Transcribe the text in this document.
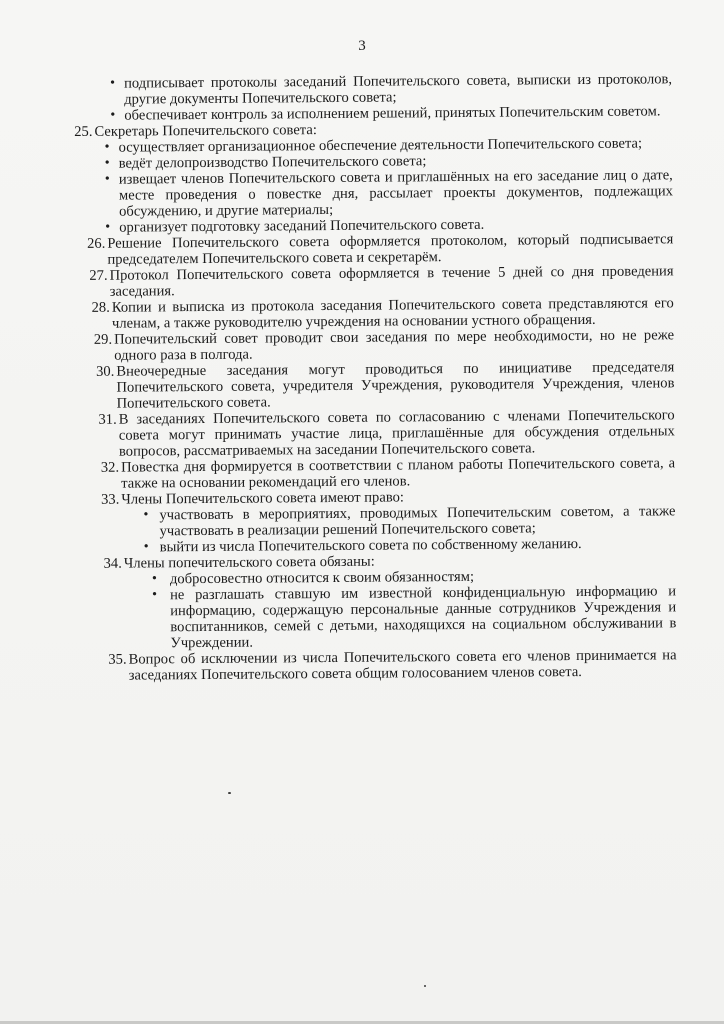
3
• подписывает протоколы заседаний Попечительского совета, выписки из протоколов, другие документы Попечительского совета;
• обеспечивает контроль за исполнением решений, принятых Попечительским советом.
25. Секретарь Попечительского совета:
• осуществляет организационное обеспечение деятельности Попечительского совета;
• ведёт делопроизводство Попечительского совета;
• извещает членов Попечительского совета и приглашённых на его заседание лиц о дате, месте проведения о повестке дня, рассылает проекты документов, подлежащих обсуждению, и другие материалы;
• организует подготовку заседаний Попечительского совета.
26. Решение Попечительского совета оформляется протоколом, который подписывается председателем Попечительского совета и секретарём.
27. Протокол Попечительского совета оформляется в течение 5 дней со дня проведения заседания.
28. Копии и выписка из протокола заседания Попечительского совета представляются его членам, а также руководителю учреждения на основании устного обращения.
29. Попечительский совет проводит свои заседания по мере необходимости, но не реже одного раза в полгода.
30. Внеочередные заседания могут проводиться по инициативе председателя Попечительского совета, учредителя Учреждения, руководителя Учреждения, членов Попечительского совета.
31. В заседаниях Попечительского совета по согласованию с членами Попечительского совета могут принимать участие лица, приглашённые для обсуждения отдельных вопросов, рассматриваемых на заседании Попечительского совета.
32. Повестка дня формируется в соответствии с планом работы Попечительского совета, а также на основании рекомендаций его членов.
33. Члены Попечительского совета имеют право:
• участвовать в мероприятиях, проводимых Попечительским советом, а также участвовать в реализации решений Попечительского совета;
• выйти из числа Попечительского совета по собственному желанию.
34. Члены попечительского совета обязаны:
• добросовестно относится к своим обязанностям;
• не разглашать ставшую им известной конфиденциальную информацию и информацию, содержащую персональные данные сотрудников Учреждения и воспитанников, семей с детьми, находящихся на социальном обслуживании в Учреждении.
35. Вопрос об исключении из числа Попечительского совета его членов принимается на заседаниях Попечительского совета общим голосованием членов совета.
